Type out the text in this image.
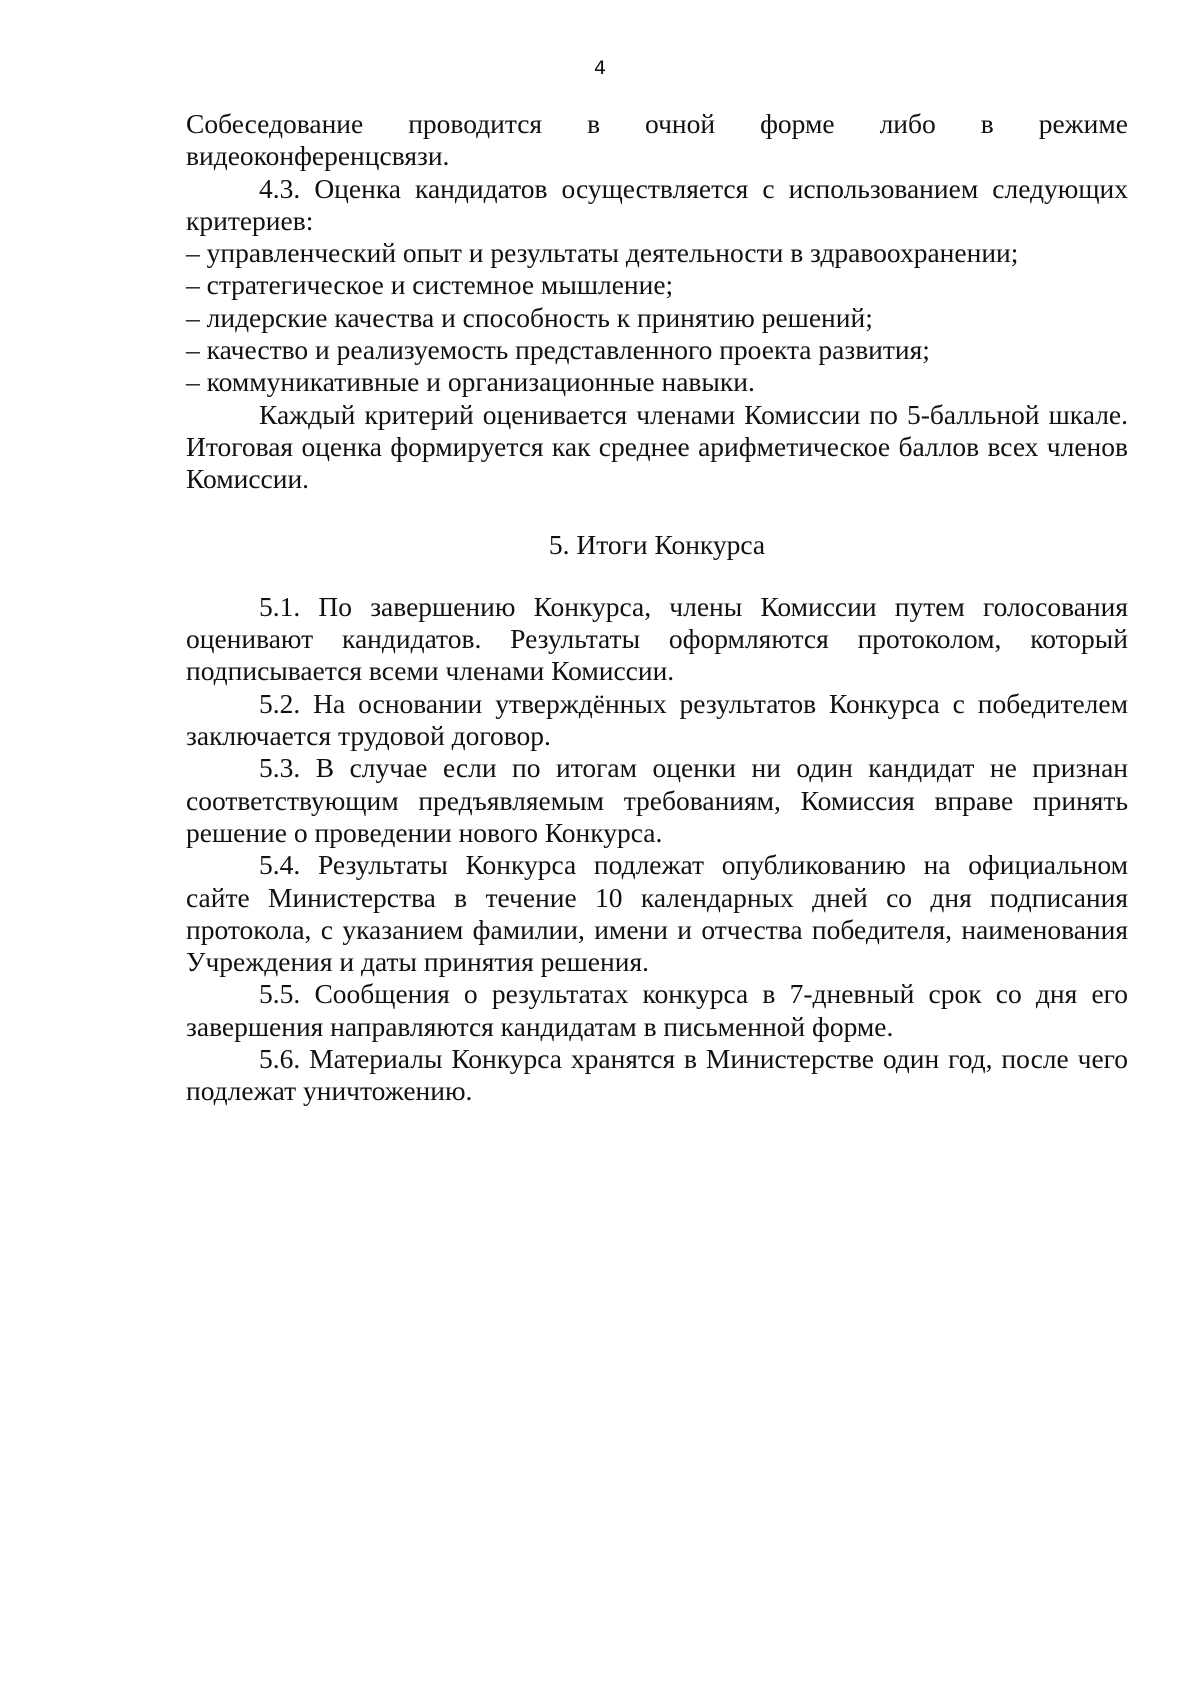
4

Собеседование проводится в очной форме либо в режиме видеоконференцсвязи.

4.3. Оценка кандидатов осуществляется с использованием следующих критериев:

– управленческий опыт и результаты деятельности в здравоохранении;

– стратегическое и системное мышление;

– лидерские качества и способность к принятию решений;

– качество и реализуемость представленного проекта развития;

– коммуникативные и организационные навыки.

Каждый критерий оценивается членами Комиссии по 5-балльной шкале. Итоговая оценка формируется как среднее арифметическое баллов всех членов Комиссии.

5. Итоги Конкурса

5.1. По завершению Конкурса, члены Комиссии путем голосования оценивают кандидатов. Результаты оформляются протоколом, который подписывается всеми членами Комиссии.

5.2. На основании утверждённых результатов Конкурса с победителем заключается трудовой договор.

5.3. В случае если по итогам оценки ни один кандидат не признан соответствующим предъявляемым требованиям, Комиссия вправе принять решение о проведении нового Конкурса.

5.4. Результаты Конкурса подлежат опубликованию на официальном сайте Министерства в течение 10 календарных дней со дня подписания протокола, с указанием фамилии, имени и отчества победителя, наименования Учреждения и даты принятия решения.

5.5. Сообщения о результатах конкурса в 7-дневный срок со дня его завершения направляются кандидатам в письменной форме.

5.6. Материалы Конкурса хранятся в Министерстве один год, после чего подлежат уничтожению.
